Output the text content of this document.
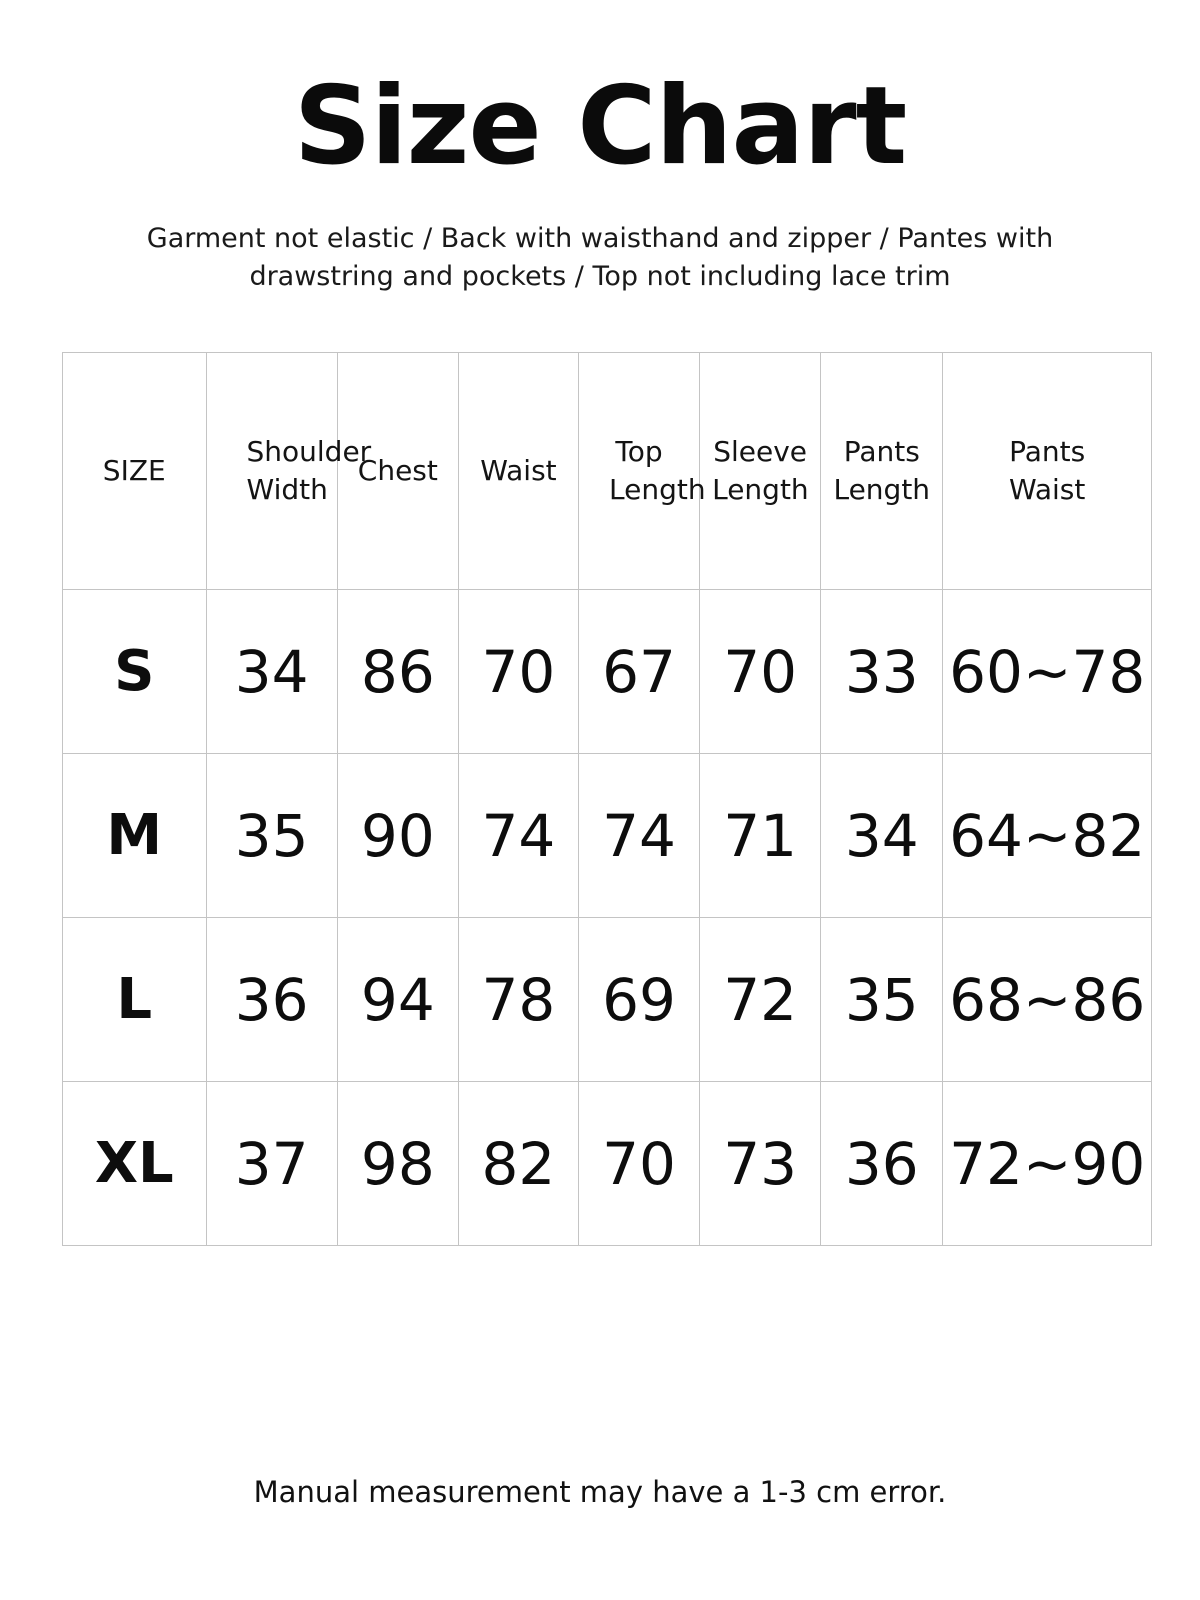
Size Chart
Garment not elastic / Back with waisthand and zipper / Pantes with drawstring and pockets / Top not including lace trim
SIZE	Shoulder Width	Chest	Waist	Top Length	Sleeve Length	Pants Length	Pants Waist
S	34	86	70	67	70	33	60~78
M	35	90	74	74	71	34	64~82
L	36	94	78	69	72	35	68~86
XL	37	98	82	70	73	36	72~90
Manual measurement may have a 1-3 cm error.
